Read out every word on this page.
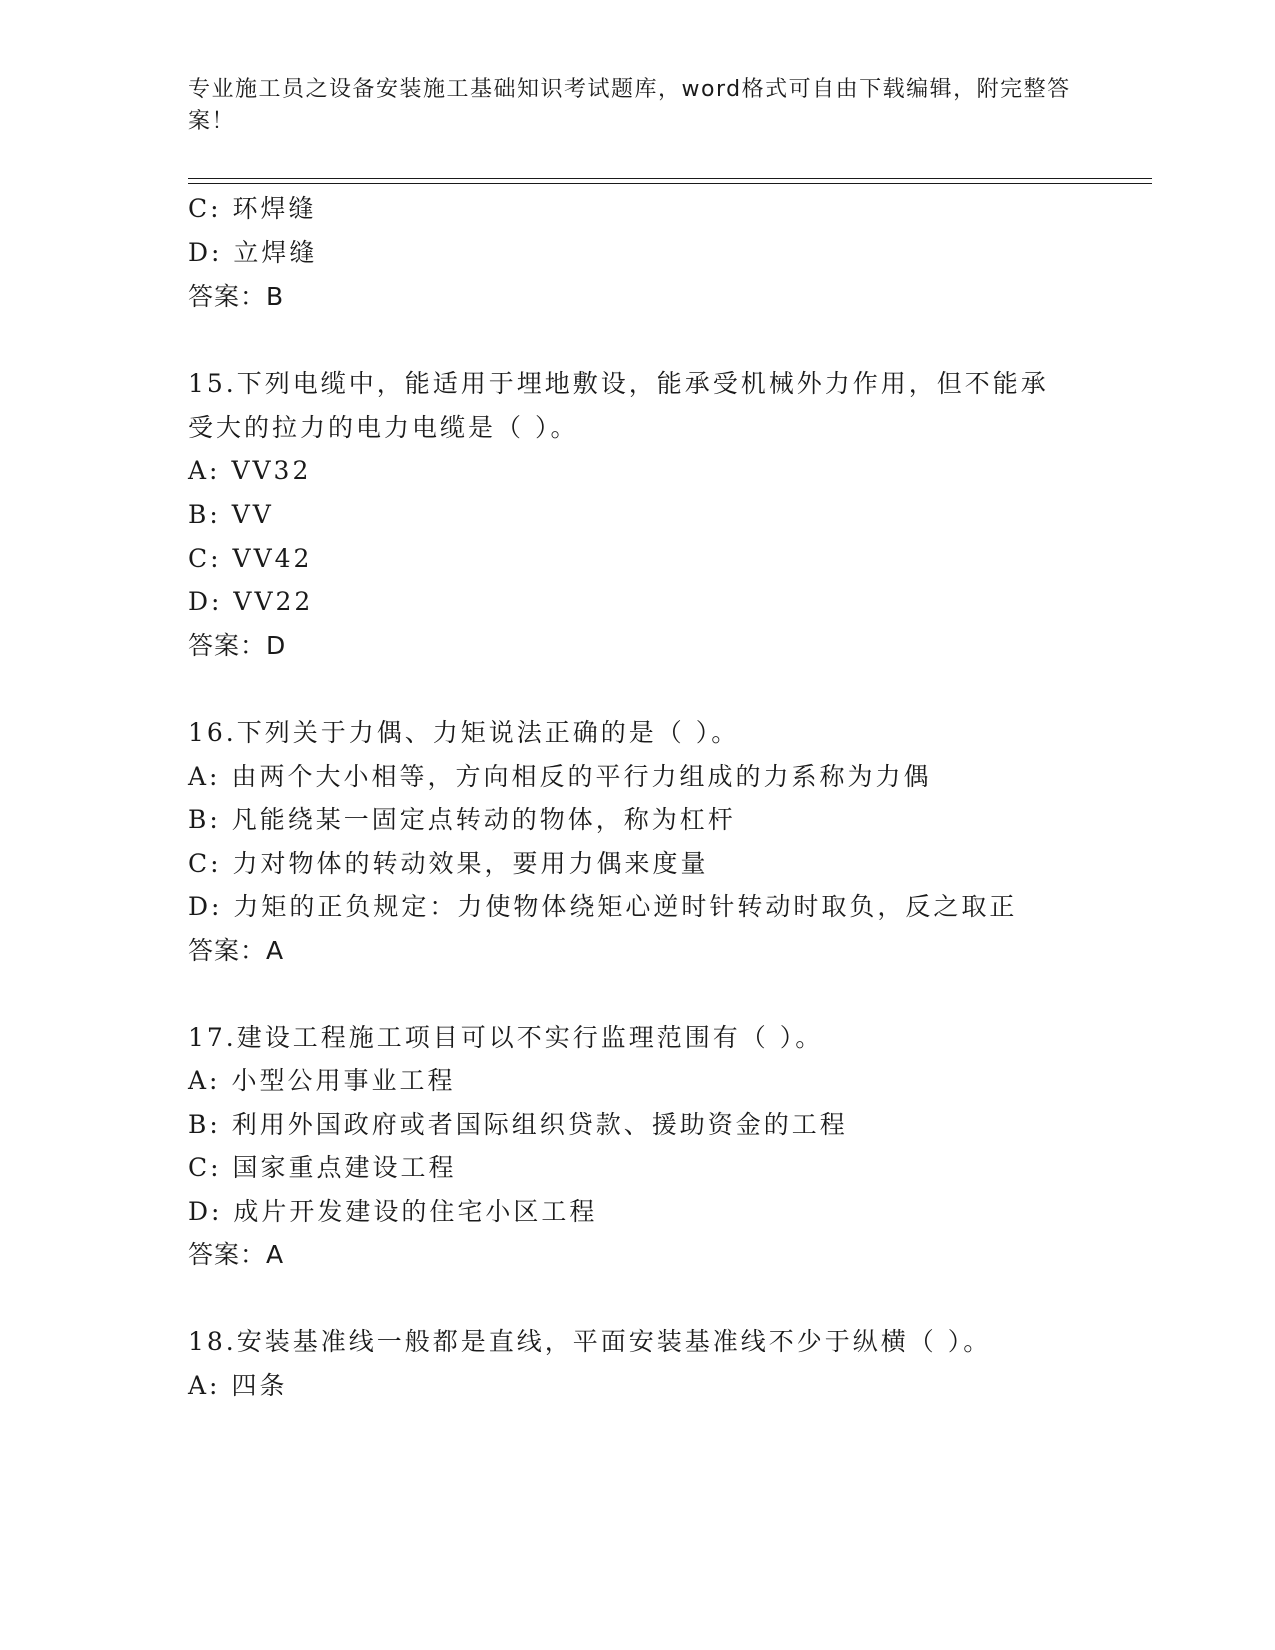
专业施工员之设备安装施工基础知识考试题库，word格式可自由下载编辑，附完整答案！
C: 环焊缝
D: 立焊缝
答案：B
15.下列电缆中，能适用于埋地敷设，能承受机械外力作用，但不能承
受大的拉力的电力电缆是（ ）。
A: VV32
B: VV
C: VV42
D: VV22
答案：D
16.下列关于力偶、力矩说法正确的是（ ）。
A: 由两个大小相等，方向相反的平行力组成的力系称为力偶
B: 凡能绕某一固定点转动的物体，称为杠杆
C: 力对物体的转动效果，要用力偶来度量
D: 力矩的正负规定：力使物体绕矩心逆时针转动时取负，反之取正
答案：A
17.建设工程施工项目可以不实行监理范围有（ ）。
A: 小型公用事业工程
B: 利用外国政府或者国际组织贷款、援助资金的工程
C: 国家重点建设工程
D: 成片开发建设的住宅小区工程
答案：A
18.安装基准线一般都是直线，平面安装基准线不少于纵横（ ）。
A: 四条
